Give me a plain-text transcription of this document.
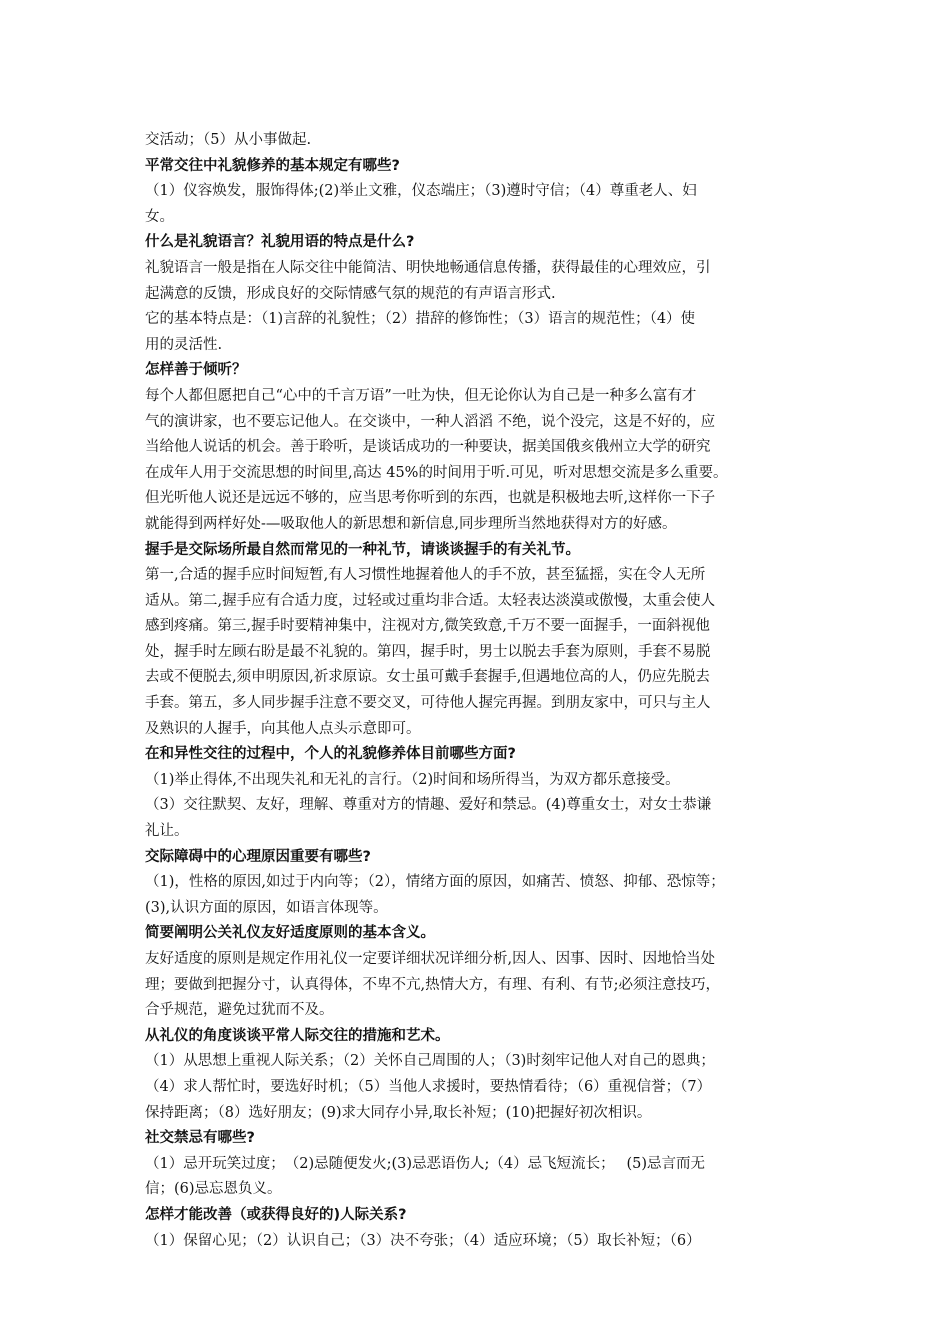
交活动；（5）从小事做起.
平常交往中礼貌修养的基本规定有哪些?
（1）仪容焕发，服饰得体;(2)举止文雅，仪态端庄；（3)遵时守信；（4）尊重老人、妇
女。
什么是礼貌语言？礼貌用语的特点是什么?
礼貌语言一般是指在人际交往中能简洁、明快地畅通信息传播，获得最佳的心理效应，引
起满意的反馈，形成良好的交际情感气氛的规范的有声语言形式.
它的基本特点是：（1)言辞的礼貌性；（2）措辞的修饰性；（3）语言的规范性；（4）使
用的灵活性.
怎样善于倾听？
每个人都但愿把自己“心中的千言万语”一吐为快，但无论你认为自己是一种多么富有才
气的演讲家，也不要忘记他人。在交谈中，一种人滔滔 不绝，说个没完，这是不好的，应
当给他人说话的机会。善于聆听，是谈话成功的一种要诀，据美国俄亥俄州立大学的研究
在成年人用于交流思想的时间里,高达 45%的时间用于听.可见，听对思想交流是多么重要。
但光听他人说还是远远不够的，应当思考你听到的东西，也就是积极地去听,这样你一下子
就能得到两样好处-—吸取他人的新思想和新信息,同步理所当然地获得对方的好感。
握手是交际场所最自然而常见的一种礼节，请谈谈握手的有关礼节。
第一,合适的握手应时间短暂,有人习惯性地握着他人的手不放，甚至猛摇，实在令人无所
适从。第二,握手应有合适力度，过轻或过重均非合适。太轻表达淡漠或傲慢，太重会使人
感到疼痛。第三,握手时要精神集中，注视对方,微笑致意,千万不要一面握手，一面斜视他
处，握手时左顾右盼是最不礼貌的。第四，握手时，男士以脱去手套为原则，手套不易脱
去或不便脱去,须申明原因,祈求原谅。女士虽可戴手套握手,但遇地位高的人，仍应先脱去
手套。第五，多人同步握手注意不要交叉，可待他人握完再握。到朋友家中，可只与主人
及熟识的人握手，向其他人点头示意即可。
在和异性交往的过程中，个人的礼貌修养体目前哪些方面?
（1)举止得体,不出现失礼和无礼的言行。（2)时间和场所得当，为双方都乐意接受。
（3）交往默契、友好，理解、尊重对方的情趣、爱好和禁忌。(4)尊重女士，对女士恭谦
礼让。
交际障碍中的心理原因重要有哪些?
（1)，性格的原因,如过于内向等；（2），情绪方面的原因，如痛苦、愤怒、抑郁、恐惊等；
(3),认识方面的原因，如语言体现等。
简要阐明公关礼仪友好适度原则的基本含义。
友好适度的原则是规定作用礼仪一定要详细状况详细分析,因人、因事、因时、因地恰当处
理；要做到把握分寸，认真得体，不卑不亢,热情大方，有理、有利、有节;必须注意技巧，
合乎规范，避免过犹而不及。
从礼仪的角度谈谈平常人际交往的措施和艺术。
（1）从思想上重视人际关系；（2）关怀自己周围的人；（3)时刻牢记他人对自己的恩典；
（4）求人帮忙时，要选好时机；（5）当他人求援时，要热情看待；（6）重视信誉；（7）
保持距离；（8）选好朋友；(9)求大同存小异,取长补短；(10)把握好初次相识。
社交禁忌有哪些?
（1）忌开玩笑过度；　（2)忌随便发火;(3)忌恶语伤人;（4）忌飞短流长；　 (5)忌言而无
信；(6)忌忘恩负义。
怎样才能改善（或获得良好的)人际关系?
（1）保留心见；（2）认识自己；（3）决不夸张；（4）适应环境；（5）取长补短；（6）
